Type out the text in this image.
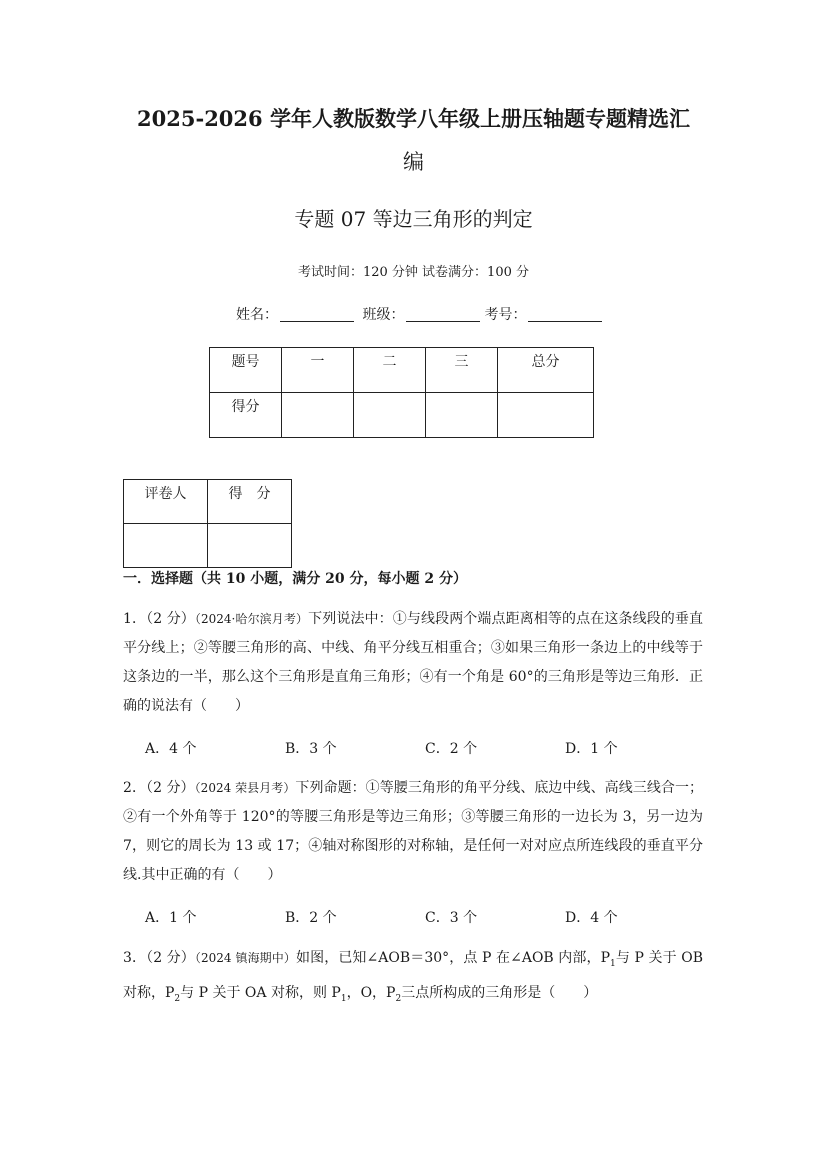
2025-2026 学年人教版数学八年级上册压轴题专题精选汇
编
专题 07 等边三角形的判定
考试时间：120 分钟 试卷满分：100 分
姓名：	班级：	考号：
题号	一	二	三	总分
得分				
评卷人	得　分

一．选择题（共 10 小题，满分 20 分，每小题 2 分）
1．（2 分）（2024·哈尔滨月考）下列说法中：①与线段两个端点距离相等的点在这条线段的垂直平分线上；②等腰三角形的高、中线、角平分线互相重合；③如果三角形一条边上的中线等于这条边的一半，那么这个三角形是直角三角形；④有一个角是 60°的三角形是等边三角形．正确的说法有（　　）
A．4 个	B．3 个	C．2 个	D．1 个
2．（2 分）（2024 荣县月考）下列命题：①等腰三角形的角平分线、底边中线、高线三线合一；②有一个外角等于 120°的等腰三角形是等边三角形；③等腰三角形的一边长为 3，另一边为 7，则它的周长为 13 或 17；④轴对称图形的对称轴，是任何一对对应点所连线段的垂直平分线.其中正确的有（　　）
A．1 个	B．2 个	C．3 个	D．4 个
3．（2 分）（2024 镇海期中）如图，已知∠AOB＝30°，点 P 在∠AOB 内部，$P_1$与 P 关于 OB 对称，$P_2$与 P 关于 OA 对称，则 $P_1$，O，$P_2$三点所构成的三角形是（　　）
